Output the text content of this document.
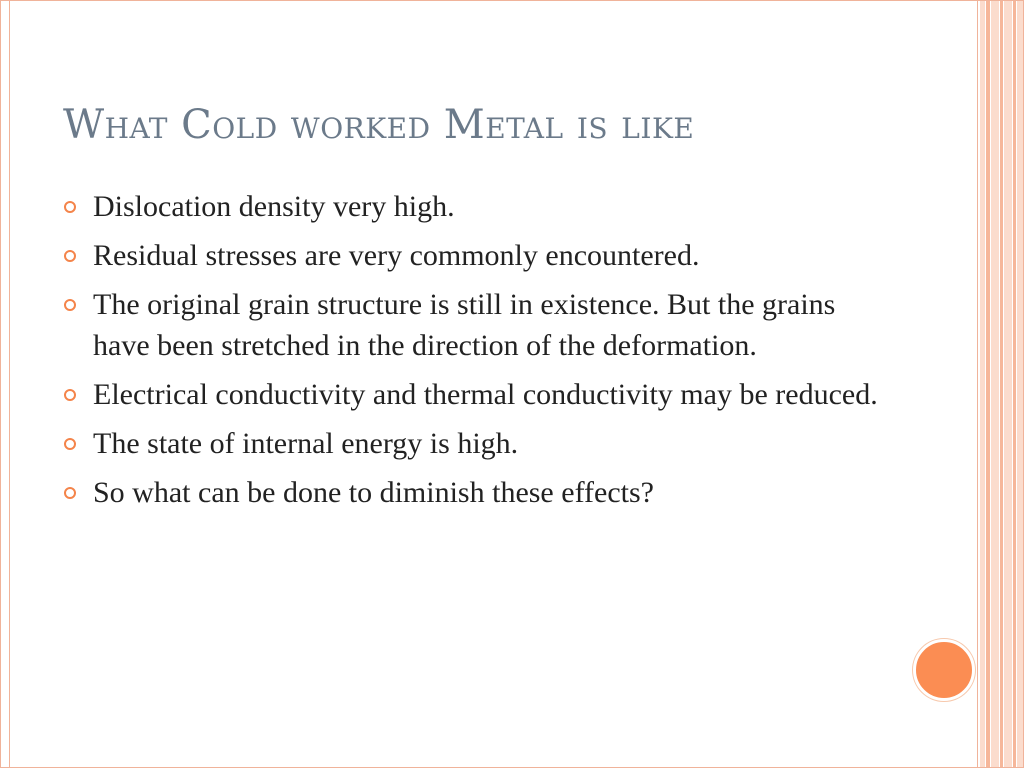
What Cold worked Metal is like
Dislocation density very high.
Residual stresses are very commonly encountered.
The original grain structure is still in existence. But the grains have been stretched in the direction of the deformation.
Electrical conductivity and thermal conductivity may be reduced.
The state of internal energy is high.
So what can be done to diminish these effects?
